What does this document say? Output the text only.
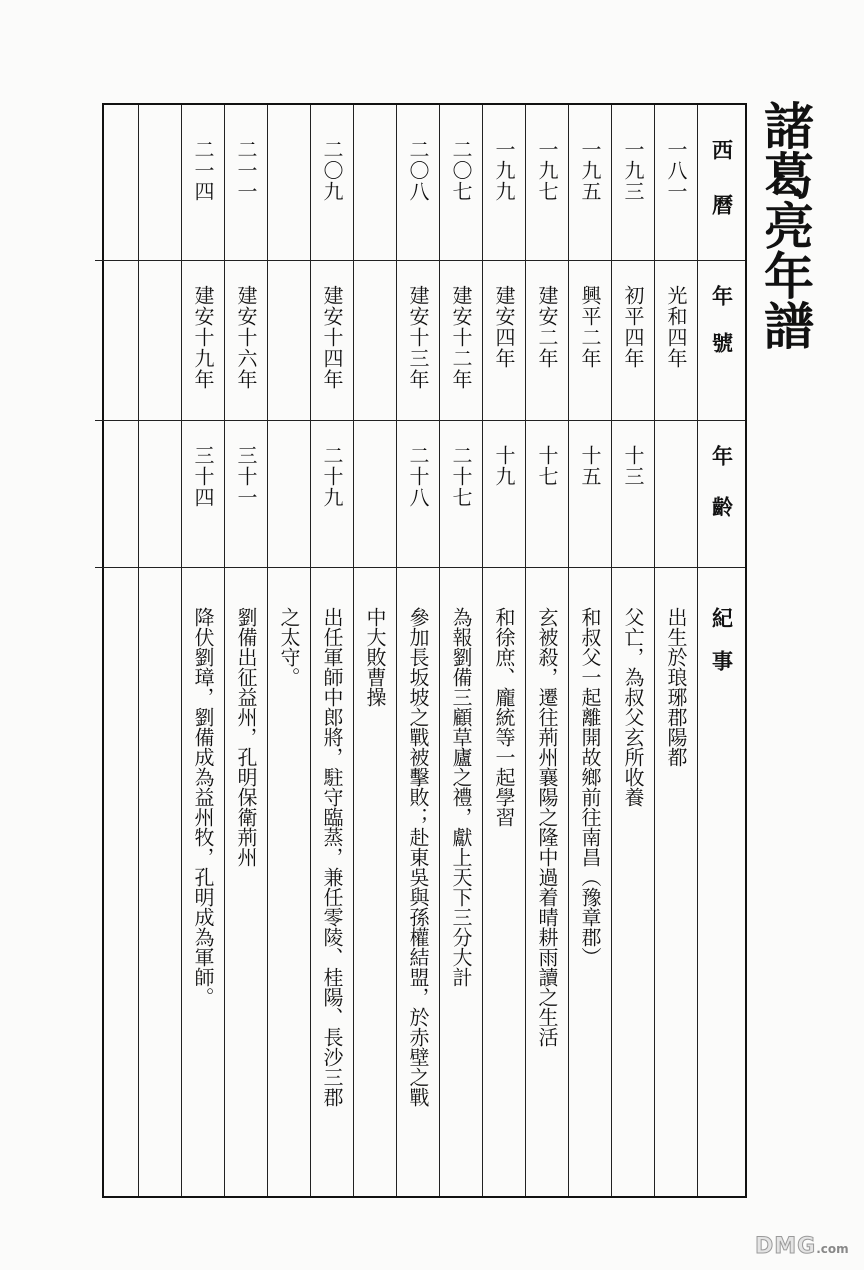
諸葛亮年譜
西曆
年號
年齡
紀事
一八一
光和四年
出生於琅琊郡陽都
一九三
初平四年
十三
父亡，為叔父玄所收養
一九五
興平二年
十五
和叔父一起離開故鄉前往南昌（豫章郡）
一九七
建安二年
十七
玄被殺，遷往荊州襄陽之隆中過着晴耕雨讀之生活
一九九
建安四年
十九
和徐庶、龐統等一起學習
二〇七
建安十二年
二十七
為報劉備三顧草廬之禮，獻上天下三分大計
二〇八
建安十三年
二十八
參加長坂坡之戰被擊敗；赴東吳與孫權結盟，於赤壁之戰
中大敗曹操
二〇九
建安十四年
二十九
出任軍師中郎將，駐守臨蒸，兼任零陵、桂陽、長沙三郡
之太守。
二一一
建安十六年
三十一
劉備出征益州，孔明保衛荊州
二一四
建安十九年
三十四
降伏劉璋，劉備成為益州牧，孔明成為軍師。
DMG.com
